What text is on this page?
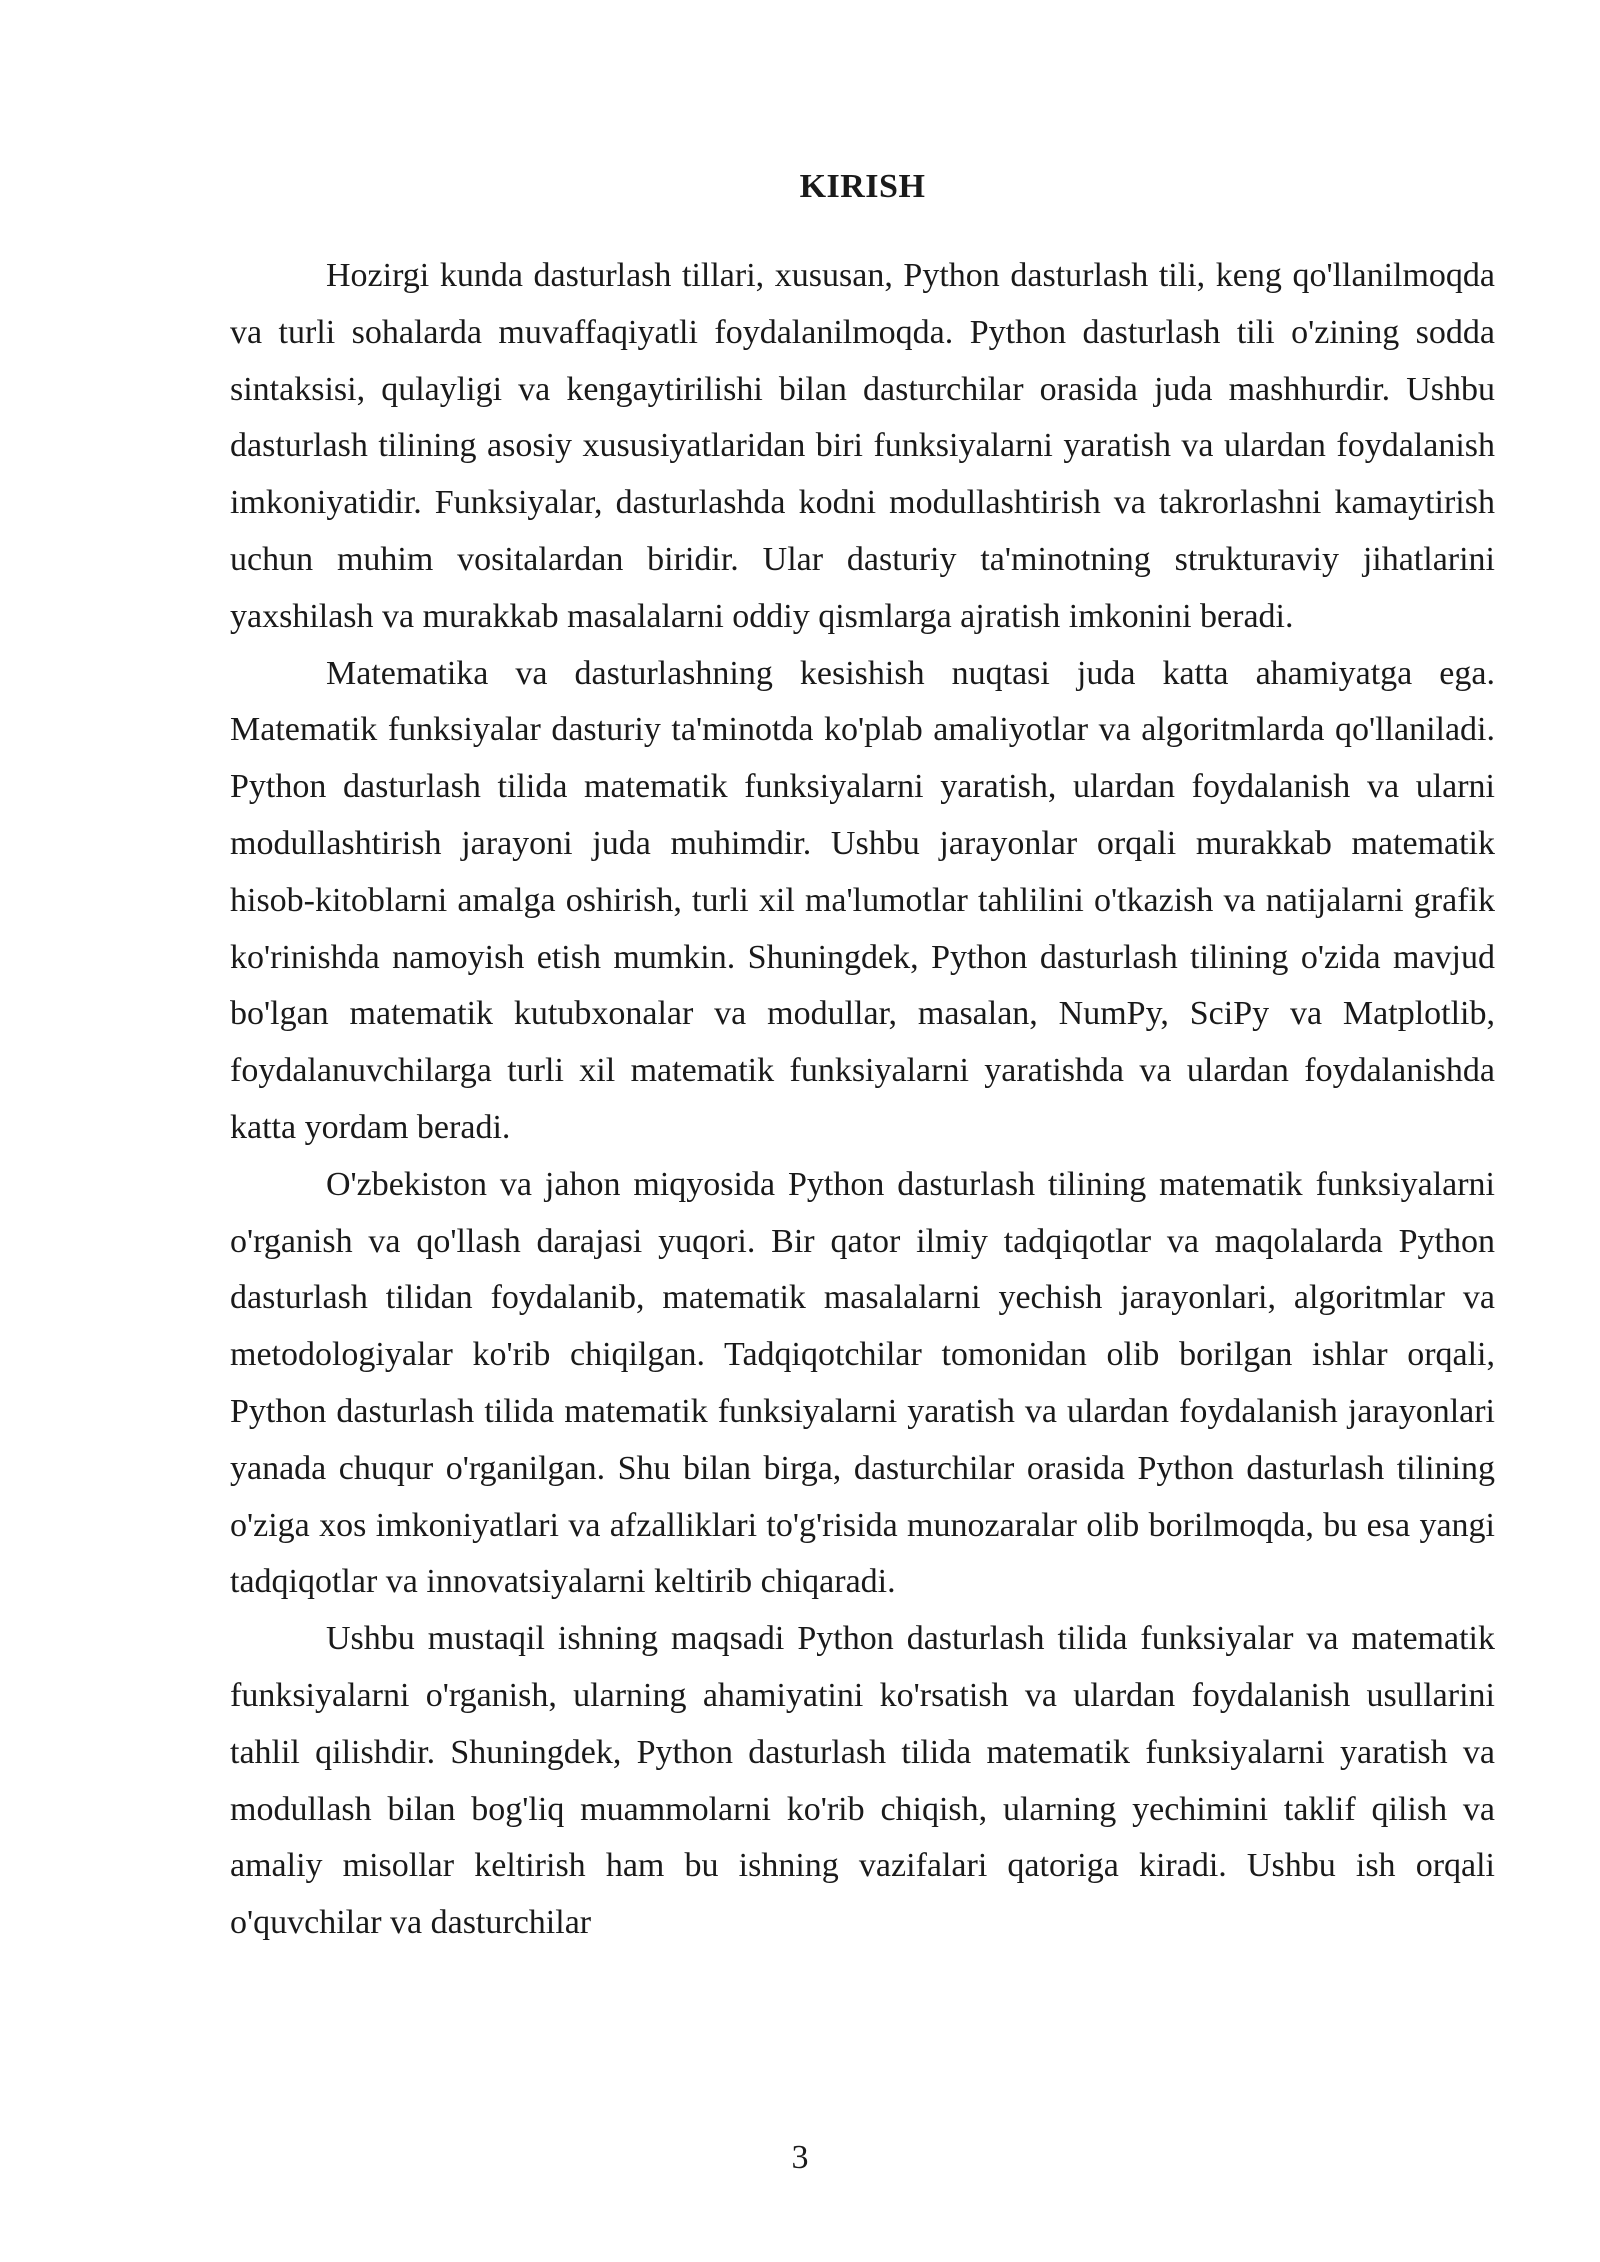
KIRISH

Hozirgi kunda dasturlash tillari, xususan, Python dasturlash tili, keng qo'llanilmoqda va turli sohalarda muvaffaqiyatli foydalanilmoqda. Python dasturlash tili o'zining sodda sintaksisi, qulayligi va kengaytirilishi bilan dasturchilar orasida juda mashhurdir. Ushbu dasturlash tilining asosiy xususiyatlaridan biri funksiyalarni yaratish va ulardan foydalanish imkoniyatidir. Funksiyalar, dasturlashda kodni modullashtirish va takrorlashni kamaytirish uchun muhim vositalardan biridir. Ular dasturiy ta'minotning strukturaviy jihatlarini yaxshilash va murakkab masalalarni oddiy qismlarga ajratish imkonini beradi.

Matematika va dasturlashning kesishish nuqtasi juda katta ahamiyatga ega. Matematik funksiyalar dasturiy ta'minotda ko'plab amaliyotlar va algoritmlarda qo'llaniladi. Python dasturlash tilida matematik funksiyalarni yaratish, ulardan foydalanish va ularni modullashtirish jarayoni juda muhimdir. Ushbu jarayonlar orqali murakkab matematik hisob-kitoblarni amalga oshirish, turli xil ma'lumotlar tahlilini o'tkazish va natijalarni grafik ko'rinishda namoyish etish mumkin. Shuningdek, Python dasturlash tilining o'zida mavjud bo'lgan matematik kutubxonalar va modullar, masalan, NumPy, SciPy va Matplotlib, foydalanuvchilarga turli xil matematik funksiyalarni yaratishda va ulardan foydalanishda katta yordam beradi.

O'zbekiston va jahon miqyosida Python dasturlash tilining matematik funksiyalarni o'rganish va qo'llash darajasi yuqori. Bir qator ilmiy tadqiqotlar va maqolalarda Python dasturlash tilidan foydalanib, matematik masalalarni yechish jarayonlari, algoritmlar va metodologiyalar ko'rib chiqilgan. Tadqiqotchilar tomonidan olib borilgan ishlar orqali, Python dasturlash tilida matematik funksiyalarni yaratish va ulardan foydalanish jarayonlari yanada chuqur o'rganilgan. Shu bilan birga, dasturchilar orasida Python dasturlash tilining o'ziga xos imkoniyatlari va afzalliklari to'g'risida munozaralar olib borilmoqda, bu esa yangi tadqiqotlar va innovatsiyalarni keltirib chiqaradi.

Ushbu mustaqil ishning maqsadi Python dasturlash tilida funksiyalar va matematik funksiyalarni o'rganish, ularning ahamiyatini ko'rsatish va ulardan foydalanish usullarini tahlil qilishdir. Shuningdek, Python dasturlash tilida matematik funksiyalarni yaratish va modullash bilan bog'liq muammolarni ko'rib chiqish, ularning yechimini taklif qilish va amaliy misollar keltirish ham bu ishning vazifalari qatoriga kiradi. Ushbu ish orqali o'quvchilar va dasturchilar

3
